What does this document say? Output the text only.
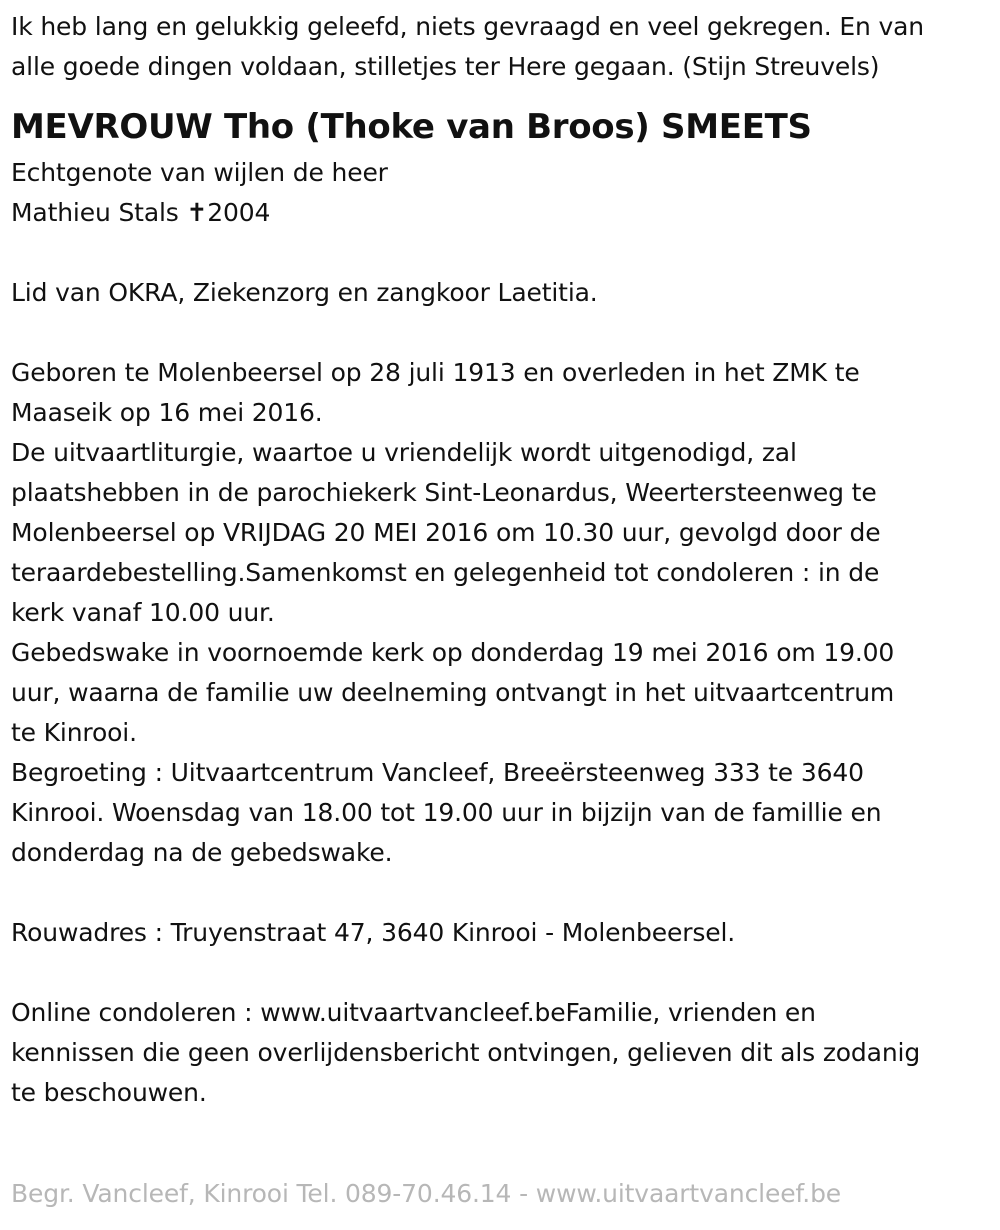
Ik heb lang en gelukkig geleefd, niets gevraagd en veel gekregen. En van
alle goede dingen voldaan, stilletjes ter Here gegaan. (Stijn Streuvels)
MEVROUW Tho (Thoke van Broos) SMEETS
Echtgenote van wijlen de heer
Mathieu Stals ✝2004
Lid van OKRA, Ziekenzorg en zangkoor Laetitia.
Geboren te Molenbeersel op 28 juli 1913 en overleden in het ZMK te
Maaseik op 16 mei 2016.
De uitvaartliturgie, waartoe u vriendelijk wordt uitgenodigd, zal
plaatshebben in de parochiekerk Sint-Leonardus, Weertersteenweg te
Molenbeersel op VRIJDAG 20 MEI 2016 om 10.30 uur, gevolgd door de
teraardebestelling.Samenkomst en gelegenheid tot condoleren : in de
kerk vanaf 10.00 uur.
Gebedswake in voornoemde kerk op donderdag 19 mei 2016 om 19.00
uur, waarna de familie uw deelneming ontvangt in het uitvaartcentrum
te Kinrooi.
Begroeting : Uitvaartcentrum Vancleef, Breeërsteenweg 333 te 3640
Kinrooi. Woensdag van 18.00 tot 19.00 uur in bijzijn van de famillie en
donderdag na de gebedswake.
Rouwadres : Truyenstraat 47, 3640 Kinrooi - Molenbeersel.
Online condoleren : www.uitvaartvancleef.beFamilie, vrienden en
kennissen die geen overlijdensbericht ontvingen, gelieven dit als zodanig
te beschouwen.
Begr. Vancleef, Kinrooi Tel. 089-70.46.14 - www.uitvaartvancleef.be
